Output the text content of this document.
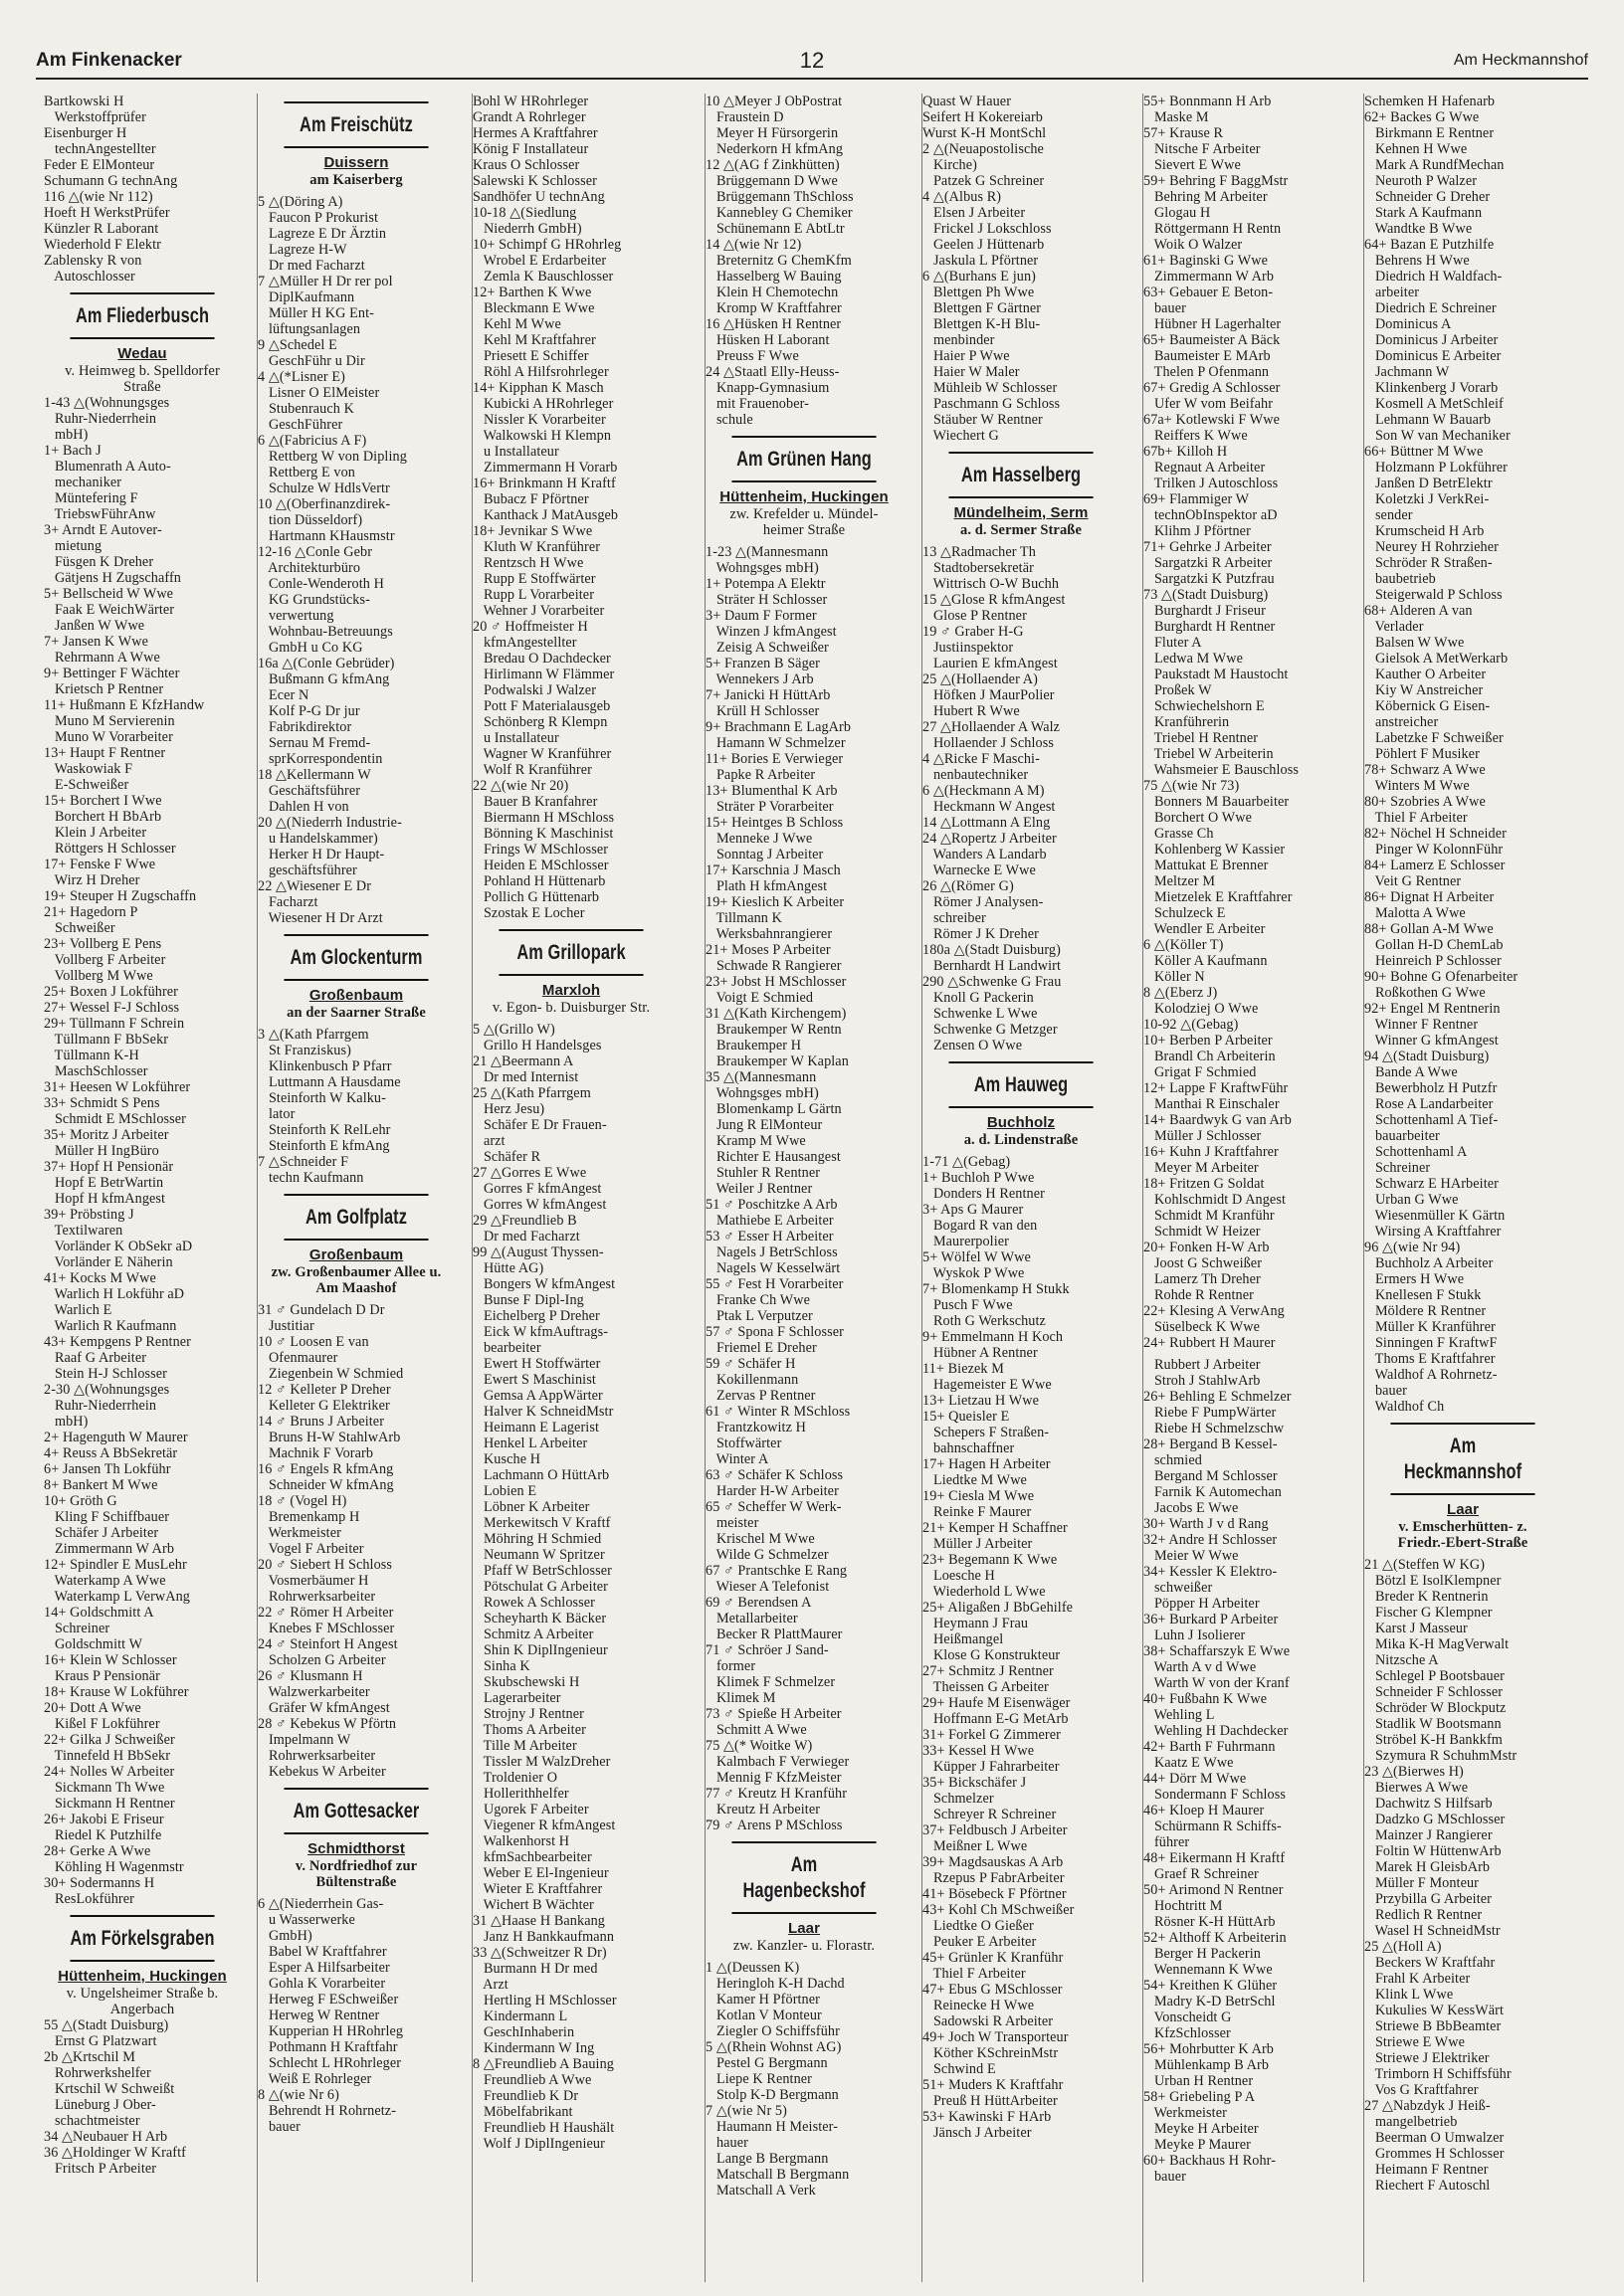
Am Finkenacker	12	Am Heckmannshof
Bartkowski H
Werkstoffprüfer
Eisenburger H
technAngestellter
Feder E ElMonteur
Schumann G technAng
116 △(wie Nr 112)
Hoeft H WerkstPrüfer
Künzler R Laborant
Wiederhold F Elektr
Zablensky R von
Autoschlosser
Am Fliederbusch
Wedau
v. Heimweg b. Spelldorfer
Straße
1-43 △(Wohnungsges
Ruhr-Niederrhein
mbH)
1+ Bach J
Blumenrath A Auto-
mechaniker
Müntefering F
TriebswFührAnw
3+ Arndt E Autover-
mietung
Füsgen K Dreher
Gätjens H Zugschaffn
5+ Bellscheid W Wwe
Faak E WeichWärter
Janßen W Wwe
7+ Jansen K Wwe
Rehrmann A Wwe
9+ Bettinger F Wächter
Krietsch P Rentner
11+ Hußmann E KfzHandw
Muno M Servierenin
Muno W Vorarbeiter
13+ Haupt F Rentner
Waskowiak F
E-Schweißer
15+ Borchert I Wwe
Borchert H BbArb
Klein J Arbeiter
Röttgers H Schlosser
17+ Fenske F Wwe
Wirz H Dreher
19+ Steuper H Zugschaffn
21+ Hagedorn P
Schweißer
23+ Vollberg E Pens
Vollberg F Arbeiter
Vollberg M Wwe
25+ Boxen J Lokführer
27+ Wessel F-J Schloss
29+ Tüllmann F Schrein
Tüllmann F BbSekr
Tüllmann K-H
MaschSchlosser
31+ Heesen W Lokführer
33+ Schmidt S Pens
Schmidt E MSchlosser
35+ Moritz J Arbeiter
Müller H IngBüro
37+ Hopf H Pensionär
Hopf E BetrWartin
Hopf H kfmAngest
39+ Pröbsting J
Textilwaren
Vorländer K ObSekr aD
Vorländer E Näherin
41+ Kocks M Wwe
Warlich H Lokführ aD
Warlich E
Warlich R Kaufmann
43+ Kempgens P Rentner
Raaf G Arbeiter
Stein H-J Schlosser
2-30 △(Wohnungsges
Ruhr-Niederrhein
mbH)
2+ Hagenguth W Maurer
4+ Reuss A BbSekretär
6+ Jansen Th Lokführ
8+ Bankert M Wwe
10+ Gröth G
Kling F Schiffbauer
Schäfer J Arbeiter
Zimmermann W Arb
12+ Spindler E MusLehr
Waterkamp A Wwe
Waterkamp L VerwAng
14+ Goldschmitt A
Schreiner
Goldschmitt W
16+ Klein W Schlosser
Kraus P Pensionär
18+ Krause W Lokführer
20+ Dott A Wwe
Kißel F Lokführer
22+ Gilka J Schweißer
Tinnefeld H BbSekr
24+ Nolles W Arbeiter
Sickmann Th Wwe
Sickmann H Rentner
26+ Jakobi E Friseur
Riedel K Putzhilfe
28+ Gerke A Wwe
Köhling H Wagenmstr
30+ Sodermanns H
ResLokführer
Am Förkelsgraben
Hüttenheim, Huckingen
v. Ungelsheimer Straße b.
Angerbach
55 △(Stadt Duisburg)
Ernst G Platzwart
2b △Krtschil M
Rohrwerkshelfer
Krtschil W Schweißt
Lüneburg J Ober-
schachtmeister
34 △Neubauer H Arb
36 △Holdinger W Kraftf
Fritsch P Arbeiter
Am Freischütz
Duissern
am Kaiserberg
5 △(Döring A)
Faucon P Prokurist
Lagreze E Dr Ärztin
Lagreze H-W
Dr med Facharzt
7 △Müller H Dr rer pol
DiplKaufmann
Müller H KG Ent-
lüftungsanlagen
9 △Schedel E
GeschFühr u Dir
4 △(*Lisner E)
Lisner O ElMeister
Stubenrauch K
GeschFührer
6 △(Fabricius A F)
Rettberg W von Dipling
Rettberg E von
Schulze W HdlsVertr
10 △(Oberfinanzdirek-
tion Düsseldorf)
Hartmann KHausmstr
12-16 △Conle Gebr
Architekturbüro
Conle-Wenderoth H
KG Grundstücks-
verwertung
Wohnbau-Betreuungs
GmbH u Co KG
16a △(Conle Gebrüder)
Bußmann G kfmAng
Ecer N
Kolf P-G Dr jur
Fabrikdirektor
Sernau M Fremd-
sprKorrespondentin
18 △Kellermann W
Geschäftsführer
Dahlen H von
20 △(Niederrh Industrie-
u Handelskammer)
Herker H Dr Haupt-
geschäftsführer
22 △Wiesener E Dr
Facharzt
Wiesener H Dr Arzt
Am Glockenturm
Großenbaum
an der Saarner Straße
3 △(Kath Pfarrgem
St Franziskus)
Klinkenbusch P Pfarr
Luttmann A Hausdame
Steinforth W Kalku-
lator
Steinforth K RelLehr
Steinforth E kfmAng
7 △Schneider F
techn Kaufmann
Am Golfplatz
Großenbaum
zw. Großenbaumer Allee u.
Am Maashof
31 ♂ Gundelach D Dr
Justitiar
10 ♂ Loosen E van
Ofenmaurer
Ziegenbein W Schmied
12 ♂ Kelleter P Dreher
Kelleter G Elektriker
14 ♂ Bruns J Arbeiter
Bruns H-W StahlwArb
Machnik F Vorarb
16 ♂ Engels R kfmAng
Schneider W kfmAng
18 ♂ (Vogel H)
Bremenkamp H
Werkmeister
Vogel F Arbeiter
20 ♂ Siebert H Schloss
Vosmerbäumer H
Rohrwerksarbeiter
22 ♂ Römer H Arbeiter
Knebes F MSchlosser
24 ♂ Steinfort H Angest
Scholzen G Arbeiter
26 ♂ Klusmann H
Walzwerkarbeiter
Gräfer W kfmAngest
28 ♂ Kebekus W Pförtn
Impelmann W
Rohrwerksarbeiter
Kebekus W Arbeiter
Am Gottesacker
Schmidthorst
v. Nordfriedhof zur
Bültenstraße
6 △(Niederrhein Gas-
u Wasserwerke
GmbH)
Babel W Kraftfahrer
Esper A Hilfsarbeiter
Gohla K Vorarbeiter
Herweg F ESchweißer
Herweg W Rentner
Kupperian H HRohrleg
Pothmann H Kraftfahr
Schlecht L HRohrleger
Weiß E Rohrleger
8 △(wie Nr 6)
Behrendt H Rohrnetz-
bauer
Bohl W HRohrleger
Grandt A Rohrleger
Hermes A Kraftfahrer
König F Installateur
Kraus O Schlosser
Salewski K Schlosser
Sandhöfer U technAng
10-18 △(Siedlung
Niederrh GmbH)
10+ Schimpf G HRohrleg
Wrobel E Erdarbeiter
Zemla K Bauschlosser
12+ Barthen K Wwe
Bleckmann E Wwe
Kehl M Wwe
Kehl M Kraftfahrer
Priesett E Schiffer
Röhl A Hilfsrohrleger
14+ Kipphan K Masch
Kubicki A HRohrleger
Nissler K Vorarbeiter
Walkowski H Klempn
u Installateur
Zimmermann H Vorarb
16+ Brinkmann H Kraftf
Bubacz F Pförtner
Kanthack J MatAusgeb
18+ Jevnikar S Wwe
Kluth W Kranführer
Rentzsch H Wwe
Rupp E Stoffwärter
Rupp L Vorarbeiter
Wehner J Vorarbeiter
20 ♂ Hoffmeister H
kfmAngestellter
Bredau O Dachdecker
Hirlimann W Flämmer
Podwalski J Walzer
Pott F Materialausgeb
Schönberg R Klempn
u Installateur
Wagner W Kranführer
Wolf R Kranführer
22 △(wie Nr 20)
Bauer B Kranfahrer
Biermann H MSchloss
Bönning K Maschinist
Frings W MSchlosser
Heiden E MSchlosser
Pohland H Hüttenarb
Pollich G Hüttenarb
Szostak E Locher
Am Grillopark
Marxloh
v. Egon- b. Duisburger Str.
5 △(Grillo W)
Grillo H Handelsges
21 △Beermann A
Dr med Internist
25 △(Kath Pfarrgem
Herz Jesu)
Schäfer E Dr Frauen-
arzt
Schäfer R
27 △Gorres E Wwe
Gorres F kfmAngest
Gorres W kfmAngest
29 △Freundlieb B
Dr med Facharzt
99 △(August Thyssen-
Hütte AG)
Bongers W kfmAngest
Bunse F Dipl-Ing
Eichelberg P Dreher
Eick W kfmAuftrags-
bearbeiter
Ewert H Stoffwärter
Ewert S Maschinist
Gemsa A AppWärter
Halver K SchneidMstr
Heimann E Lagerist
Henkel L Arbeiter
Kusche H
Lachmann O HüttArb
Lobien E
Löbner K Arbeiter
Merkewitsch V Kraftf
Möhring H Schmied
Neumann W Spritzer
Pfaff W BetrSchlosser
Pötschulat G Arbeiter
Rowek A Schlosser
Scheyharth K Bäcker
Schmitz A Arbeiter
Shin K DiplIngenieur
Sinha K
Skubschewski H
Lagerarbeiter
Strojny J Rentner
Thoms A Arbeiter
Tille M Arbeiter
Tissler M WalzDreher
Troldenier O
Hollerithhelfer
Ugorek F Arbeiter
Viegener R kfmAngest
Walkenhorst H
kfmSachbearbeiter
Weber E El-Ingenieur
Wieter E Kraftfahrer
Wichert B Wächter
31 △Haase H Bankang
Janz H Bankkaufmann
33 △(Schweitzer R Dr)
Burmann H Dr med
Arzt
Hertling H MSchlosser
Kindermann L
GeschInhaberin
Kindermann W Ing
8 △Freundlieb A Bauing
Freundlieb A Wwe
Freundlieb K Dr
Möbelfabrikant
Freundlieb H Haushält
Wolf J DiplIngenieur
10 △Meyer J ObPostrat
Fraustein D
Meyer H Fürsorgerin
Nederkorn H kfmAng
12 △(AG f Zinkhütten)
Brüggemann D Wwe
Brüggemann ThSchloss
Kannebley G Chemiker
Schünemann E AbtLtr
14 △(wie Nr 12)
Breternitz G ChemKfm
Hasselberg W Bauing
Klein H Chemotechn
Kromp W Kraftfahrer
16 △Hüsken H Rentner
Hüsken H Laborant
Preuss F Wwe
24 △Staatl Elly-Heuss-
Knapp-Gymnasium
mit Frauenober-
schule
Am Grünen Hang
Hüttenheim, Huckingen
zw. Krefelder u. Mündel-
heimer Straße
1-23 △(Mannesmann
Wohngsges mbH)
1+ Potempa A Elektr
Sträter H Schlosser
3+ Daum F Former
Winzen J kfmAngest
Zeisig A Schweißer
5+ Franzen B Säger
Wennekers J Arb
7+ Janicki H HüttArb
Krüll H Schlosser
9+ Brachmann E LagArb
Hamann W Schmelzer
11+ Bories E Verwieger
Papke R Arbeiter
13+ Blumenthal K Arb
Sträter P Vorarbeiter
15+ Heintges B Schloss
Menneke J Wwe
Sonntag J Arbeiter
17+ Karschnia J Masch
Plath H kfmAngest
19+ Kieslich K Arbeiter
Tillmann K
Werksbahnrangierer
21+ Moses P Arbeiter
Schwade R Rangierer
23+ Jobst H MSchlosser
Voigt E Schmied
31 △(Kath Kirchengem)
Braukemper W Rentn
Braukemper H
Braukemper W Kaplan
35 △(Mannesmann
Wohngsges mbH)
Blomenkamp L Gärtn
Jung R ElMonteur
Kramp M Wwe
Richter E Hausangest
Stuhler R Rentner
Weiler J Rentner
51 ♂ Poschitzke A Arb
Mathiebe E Arbeiter
53 ♂ Esser H Arbeiter
Nagels J BetrSchloss
Nagels W Kesselwärt
55 ♂ Fest H Vorarbeiter
Franke Ch Wwe
Ptak L Verputzer
57 ♂ Spona F Schlosser
Friemel E Dreher
59 ♂ Schäfer H
Kokillenmann
Zervas P Rentner
61 ♂ Winter R MSchloss
Frantzkowitz H
Stoffwärter
Winter A
63 ♂ Schäfer K Schloss
Harder H-W Arbeiter
65 ♂ Scheffer W Werk-
meister
Krischel M Wwe
Wilde G Schmelzer
67 ♂ Prantschke E Rang
Wieser A Telefonist
69 ♂ Berendsen A
Metallarbeiter
Becker R PlattMaurer
71 ♂ Schröer J Sand-
former
Klimek F Schmelzer
Klimek M
73 ♂ Spieße H Arbeiter
Schmitt A Wwe
75 △(* Woitke W)
Kalmbach F Verwieger
Mennig F KfzMeister
77 ♂ Kreutz H Kranführ
Kreutz H Arbeiter
79 ♂ Arens P MSchloss
Am Hagenbeckshof
Laar
zw. Kanzler- u. Florastr.
1 △(Deussen K)
Heringloh K-H Dachd
Kamer H Pförtner
Kotlan V Monteur
Ziegler O Schiffsführ
5 △(Rhein Wohnst AG)
Pestel G Bergmann
Liepe K Rentner
Stolp K-D Bergmann
7 △(wie Nr 5)
Haumann H Meister-
hauer
Lange B Bergmann
Matschall B Bergmann
Matschall A Verk
Quast W Hauer
Seifert H Kokereiarb
Wurst K-H MontSchl
2 △(Neuapostolische
Kirche)
Patzek G Schreiner
4 △(Albus R)
Elsen J Arbeiter
Frickel J Lokschloss
Geelen J Hüttenarb
Jaskula L Pförtner
6 △(Burhans E jun)
Blettgen Ph Wwe
Blettgen F Gärtner
Blettgen K-H Blu-
menbinder
Haier P Wwe
Haier W Maler
Mühleib W Schlosser
Paschmann G Schloss
Stäuber W Rentner
Wiechert G
Am Hasselberg
Mündelheim, Serm
a. d. Sermer Straße
13 △Radmacher Th
Stadtobersekretär
Wittrisch O-W Buchh
15 △Glose R kfmAngest
Glose P Rentner
19 ♂ Graber H-G
Justiinspektor
Laurien E kfmAngest
25 △(Hollaender A)
Höfken J MaurPolier
Hubert R Wwe
27 △Hollaender A Walz
Hollaender J Schloss
4 △Ricke F Maschi-
nenbautechniker
6 △(Heckmann A M)
Heckmann W Angest
14 △Lottmann A Elng
24 △Ropertz J Arbeiter
Wanders A Landarb
Warnecke E Wwe
26 △(Römer G)
Römer J Analysen-
schreiber
Römer J K Dreher
180a △(Stadt Duisburg)
Bernhardt H Landwirt
290 △Schwenke G Frau
Knoll G Packerin
Schwenke L Wwe
Schwenke G Metzger
Zensen O Wwe
Am Hauweg
Buchholz
a. d. Lindenstraße
1-71 △(Gebag)
1+ Buchloh P Wwe
Donders H Rentner
3+ Aps G Maurer
Bogard R van den
Maurerpolier
5+ Wölfel W Wwe
Wyskok P Wwe
7+ Blomenkamp H Stukk
Pusch F Wwe
Roth G Werkschutz
9+ Emmelmann H Koch
Hübner A Rentner
11+ Biezek M
Hagemeister E Wwe
13+ Lietzau H Wwe
15+ Queisler E
Schepers F Straßen-
bahnschaffner
17+ Hagen H Arbeiter
Liedtke M Wwe
19+ Ciesla M Wwe
Reinke F Maurer
21+ Kemper H Schaffner
Müller J Arbeiter
23+ Begemann K Wwe
Loesche H
Wiederhold L Wwe
25+ Aligaßen J BbGehilfe
Heymann J Frau
Heißmangel
Klose G Konstrukteur
27+ Schmitz J Rentner
Theissen G Arbeiter
29+ Haufe M Eisenwäger
Hoffmann E-G MetArb
31+ Forkel G Zimmerer
33+ Kessel H Wwe
Küpper J Fahrarbeiter
35+ Bickschäfer J
Schmelzer
Schreyer R Schreiner
37+ Feldbusch J Arbeiter
Meißner L Wwe
39+ Magdsauskas A Arb
Rzepus P FabrArbeiter
41+ Bösebeck F Pförtner
43+ Kohl Ch MSchweißer
Liedtke O Gießer
Peuker E Arbeiter
45+ Grünler K Kranführ
Thiel F Arbeiter
47+ Ebus G MSchlosser
Reinecke H Wwe
Sadowski R Arbeiter
49+ Joch W Transporteur
Köther KSchreinMstr
Schwind E
51+ Muders K Kraftfahr
Preuß H HüttArbeiter
53+ Kawinski F HArb
Jänsch J Arbeiter
55+ Bonnmann H Arb
Maske M
57+ Krause R
Nitsche F Arbeiter
Sievert E Wwe
59+ Behring F BaggMstr
Behring M Arbeiter
Glogau H
Röttgermann H Rentn
Woik O Walzer
61+ Baginski G Wwe
Zimmermann W Arb
63+ Gebauer E Beton-
bauer
Hübner H Lagerhalter
65+ Baumeister A Bäck
Baumeister E MArb
Thelen P Ofenmann
67+ Gredig A Schlosser
Ufer W vom Beifahr
67a+ Kotlewski F Wwe
Reiffers K Wwe
67b+ Killoh H
Regnaut A Arbeiter
Trilken J Autoschloss
69+ Flammiger W
technObInspektor aD
Klihm J Pförtner
71+ Gehrke J Arbeiter
Sargatzki R Arbeiter
Sargatzki K Putzfrau
73 △(Stadt Duisburg)
Burghardt J Friseur
Burghardt H Rentner
Fluter A
Ledwa M Wwe
Paukstadt M Haustocht
Proßek W
Schwiechelshorn E
Kranführerin
Triebel H Rentner
Triebel W Arbeiterin
Wahsmeier E Bauschloss
75 △(wie Nr 73)
Bonners M Bauarbeiter
Borchert O Wwe
Grasse Ch
Kohlenberg W Kassier
Mattukat E Brenner
Meltzer M
Mietzelek E Kraftfahrer
Schulzeck E
Wendler E Arbeiter
6 △(Köller T)
Köller A Kaufmann
Köller N
8 △(Eberz J)
Kolodziej O Wwe
10-92 △(Gebag)
10+ Berben P Arbeiter
Brandl Ch Arbeiterin
Grigat F Schmied
12+ Lappe F KraftwFühr
Manthai R Einschaler
14+ Baardwyk G van Arb
Müller J Schlosser
16+ Kuhn J Kraftfahrer
Meyer M Arbeiter
18+ Fritzen G Soldat
Kohlschmidt D Angest
Schmidt M Kranführ
Schmidt W Heizer
20+ Fonken H-W Arb
Joost G Schweißer
Lamerz Th Dreher
Rohde R Rentner
22+ Klesing A VerwAng
Süselbeck K Wwe
24+ Rubbert H Maurer
Rubbert J Arbeiter
Stroh J StahlwArb
26+ Behling E Schmelzer
Riebe F PumpWärter
Riebe H Schmelzschw
28+ Bergand B Kessel-
schmied
Bergand M Schlosser
Farnik K Automechan
Jacobs E Wwe
30+ Warth J v d Rang
32+ Andre H Schlosser
Meier W Wwe
34+ Kessler K Elektro-
schweißer
Pöpper H Arbeiter
36+ Burkard P Arbeiter
Luhn J Isolierer
38+ Schaffarszyk E Wwe
Warth A v d Wwe
Warth W von der Kranf
40+ Fußbahn K Wwe
Wehling L
Wehling H Dachdecker
42+ Barth F Fuhrmann
Kaatz E Wwe
44+ Dörr M Wwe
Sondermann F Schloss
46+ Kloep H Maurer
Schürmann R Schiffs-
führer
48+ Eikermann H Kraftf
Graef R Schreiner
50+ Arimond N Rentner
Hochtritt M
Rösner K-H HüttArb
52+ Althoff K Arbeiterin
Berger H Packerin
Wennemann K Wwe
54+ Kreithen K Glüher
Madry K-D BetrSchl
Vonscheidt G
KfzSchlosser
56+ Mohrbutter K Arb
Mühlenkamp B Arb
Urban H Rentner
58+ Griebeling P A
Werkmeister
Meyke H Arbeiter
Meyke P Maurer
60+ Backhaus H Rohr-
bauer
Schemken H Hafenarb
62+ Backes G Wwe
Birkmann E Rentner
Kehnen H Wwe
Mark A RundfMechan
Neuroth P Walzer
Schneider G Dreher
Stark A Kaufmann
Wandtke B Wwe
64+ Bazan E Putzhilfe
Behrens H Wwe
Diedrich H Waldfach-
arbeiter
Diedrich E Schreiner
Dominicus A
Dominicus J Arbeiter
Dominicus E Arbeiter
Jachmann W
Klinkenberg J Vorarb
Kosmell A MetSchleif
Lehmann W Bauarb
Son W van Mechaniker
66+ Büttner M Wwe
Holzmann P Lokführer
Janßen D BetrElektr
Koletzki J VerkRei-
sender
Krumscheid H Arb
Neurey H Rohrzieher
Schröder R Straßen-
baubetrieb
Steigerwald P Schloss
68+ Alderen A van
Verlader
Balsen W Wwe
Gielsok A MetWerkarb
Kauther O Arbeiter
Kiy W Anstreicher
Köbernick G Eisen-
anstreicher
Labetzke F Schweißer
Pöhlert F Musiker
78+ Schwarz A Wwe
Winters M Wwe
80+ Szobries A Wwe
Thiel F Arbeiter
82+ Nöchel H Schneider
Pinger W KolonnFühr
84+ Lamerz E Schlosser
Veit G Rentner
86+ Dignat H Arbeiter
Malotta A Wwe
88+ Gollan A-M Wwe
Gollan H-D ChemLab
Heinreich P Schlosser
90+ Bohne G Ofenarbeiter
Roßkothen G Wwe
92+ Engel M Rentnerin
Winner F Rentner
Winner G kfmAngest
94 △(Stadt Duisburg)
Bande A Wwe
Bewerbholz H Putzfr
Rose A Landarbeiter
Schottenhaml A Tief-
bauarbeiter
Schottenhaml A
Schreiner
Schwarz E HArbeiter
Urban G Wwe
Wiesenmüller K Gärtn
Wirsing A Kraftfahrer
96 △(wie Nr 94)
Buchholz A Arbeiter
Ermers H Wwe
Knellesen F Stukk
Möldere R Rentner
Müller K Kranführer
Sinningen F KraftwF
Thoms E Kraftfahrer
Waldhof A Rohrnetz-
bauer
Waldhof Ch
Am Heckmannshof
Laar
v. Emscherhütten- z.
Friedr.-Ebert-Straße
21 △(Steffen W KG)
Bötzl E IsolKlempner
Breder K Rentnerin
Fischer G Klempner
Karst J Masseur
Mika K-H MagVerwalt
Nitzsche A
Schlegel P Bootsbauer
Schneider F Schlosser
Schröder W Blockputz
Stadlik W Bootsmann
Ströbel K-H Bankkfm
Szymura R SchuhmMstr
23 △(Bierwes H)
Bierwes A Wwe
Dachwitz S Hilfsarb
Dadzko G MSchlosser
Mainzer J Rangierer
Foltin W HüttenwArb
Marek H GleisbArb
Müller F Monteur
Przybilla G Arbeiter
Redlich R Rentner
Wasel H SchneidMstr
25 △(Holl A)
Beckers W Kraftfahr
Frahl K Arbeiter
Klink L Wwe
Kukulies W KessWärt
Striewe B BbBeamter
Striewe E Wwe
Striewe J Elektriker
Trimborn H Schiffsführ
Vos G Kraftfahrer
27 △Nabzdyk J Heiß-
mangelbetrieb
Beerman O Umwalzer
Grommes H Schlosser
Heimann F Rentner
Riechert F Autoschl
